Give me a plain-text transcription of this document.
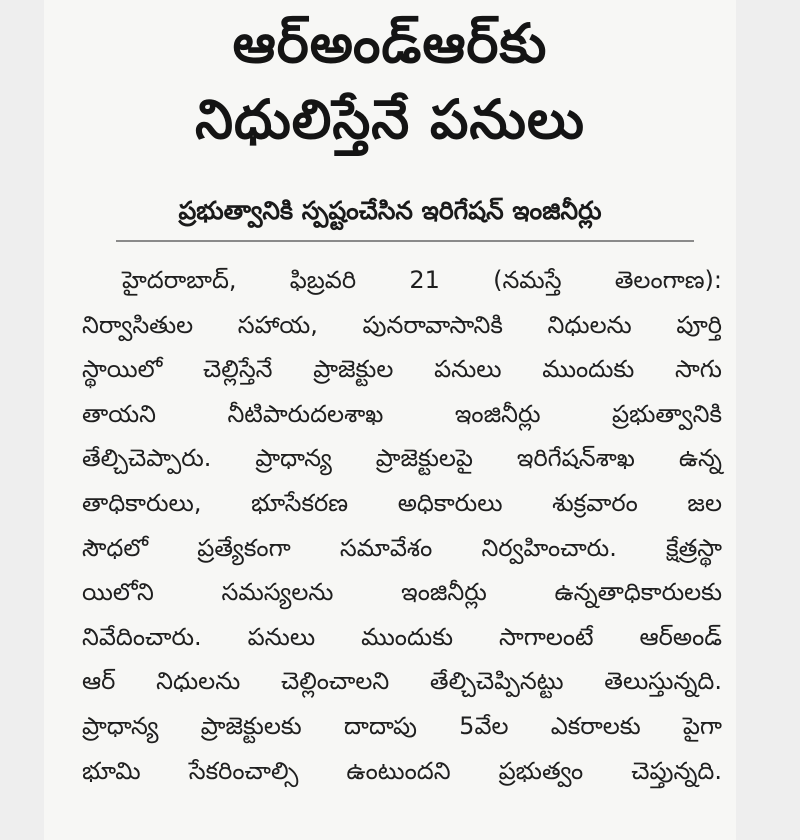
ఆర్‌అండ్‌ఆర్‌కు
నిధులిస్తేనే పనులు
ప్రభుత్వానికి స్పష్టంచేసిన ఇరిగేషన్ ఇంజినీర్లు
హైదరాబాద్, ఫిబ్రవరి 21 (నమస్తే తెలంగాణ):
నిర్వాసితుల సహాయ, పునరావాసానికి నిధులను పూర్తి
స్థాయిలో చెల్లిస్తేనే ప్రాజెక్టుల పనులు ముందుకు సాగు
తాయని నీటిపారుదలశాఖ ఇంజినీర్లు ప్రభుత్వానికి
తేల్చిచెప్పారు. ప్రాధాన్య ప్రాజెక్టులపై ఇరిగేషన్‌శాఖ ఉన్న
తాధికారులు, భూసేకరణ అధికారులు శుక్రవారం జల
సౌధలో ప్రత్యేకంగా సమావేశం నిర్వహించారు. క్షేత్రస్థా
యిలోని సమస్యలను ఇంజినీర్లు ఉన్నతాధికారులకు
నివేదించారు. పనులు ముందుకు సాగాలంటే ఆర్‌అండ్
ఆర్ నిధులను చెల్లించాలని తేల్చిచెప్పినట్టు తెలుస్తున్నది.
ప్రాధాన్య ప్రాజెక్టులకు దాదాపు 5వేల ఎకరాలకు పైగా
భూమి సేకరించాల్సి ఉంటుందని ప్రభుత్వం చెప్తున్నది.
